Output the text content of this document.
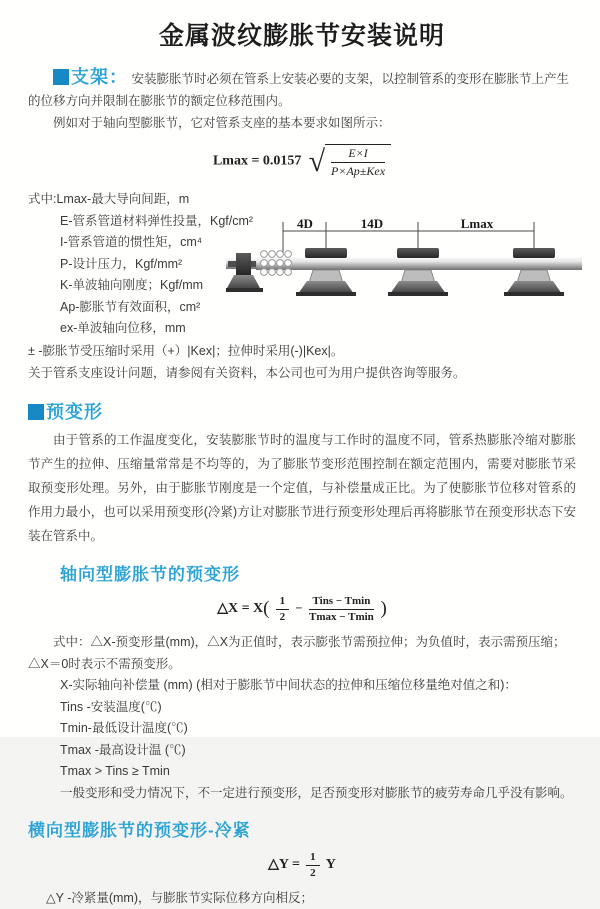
金属波纹膨胀节安装说明

支架： 安装膨胀节时必须在管系上安装必要的支架，以控制管系的变形在膨胀节上产生的位移方向并限制在膨胀节的额定位移范围内。

例如对于轴向型膨胀节，它对管系支座的基本要求如图所示：

Lmax = 0.0157 √ $\frac{E\times I}{\text{P×Ap±Kex}}$
式中:Lmax-最大导向间距，m
E-管系管道材料弹性投量，Kgf/cm²
I-管系管道的惯性矩，cm⁴
P-设计压力，Kgf/mm²
K-单波轴向刚度；Kgf/mm
Ap-膨胀节有效面积，cm²
ex-单波轴向位移，mm
4D	14D	Lmax
± -膨胀节受压缩时采用（+）|Kex|；拉伸时采用(-)|Kex|。
关于管系支座设计问题，请参阅有关资料，本公司也可为用户提供咨询等服务。
预变形

由于管系的工作温度变化，安装膨胀节时的温度与工作时的温度不同，管系热膨胀冷缩对膨胀节产生的拉伸、压缩量常常是不均等的，为了膨胀节变形范围控制在额定范围内，需要对膨胀节采取预变形处理。另外，由于膨胀节刚度是一个定值，与补偿量成正比。为了使膨胀节位移对管系的作用力最小，也可以采用预变形(冷紧)方让对膨胀节进行预变形处理后再将膨胀节在预变形状态下安装在管系中。

轴向型膨胀节的预变形
△X = $X( \frac{1}{2}$ −
Tins − Tmin
Tmax − Tmin )

式中：△X-预变形量(mm)，△X为正值时，表示膨张节需预拉伸；为负值时，表示需预压缩；△X＝0时表示不需预变形。

X-实际轴向补偿量 (mm) (相对于膨胀节中间状态的拉伸和压缩位移量绝对值之和)：
Tins -安装温度(℃)
Tmin-最低设计温度(℃)
Tmax -最高设计温 (℃)
Tmax > Tins ≥ Tmin
一般变形和受力情况下，不一定进行预变形，足否预变形对膨胀节的疲劳寿命几乎没有影响。
横向型膨胀节的预变形-冷紧
△Y = $\frac{1}{2}$ Y
△Y -冷紧量(mm)，与膨胀节实际位移方向相反；
